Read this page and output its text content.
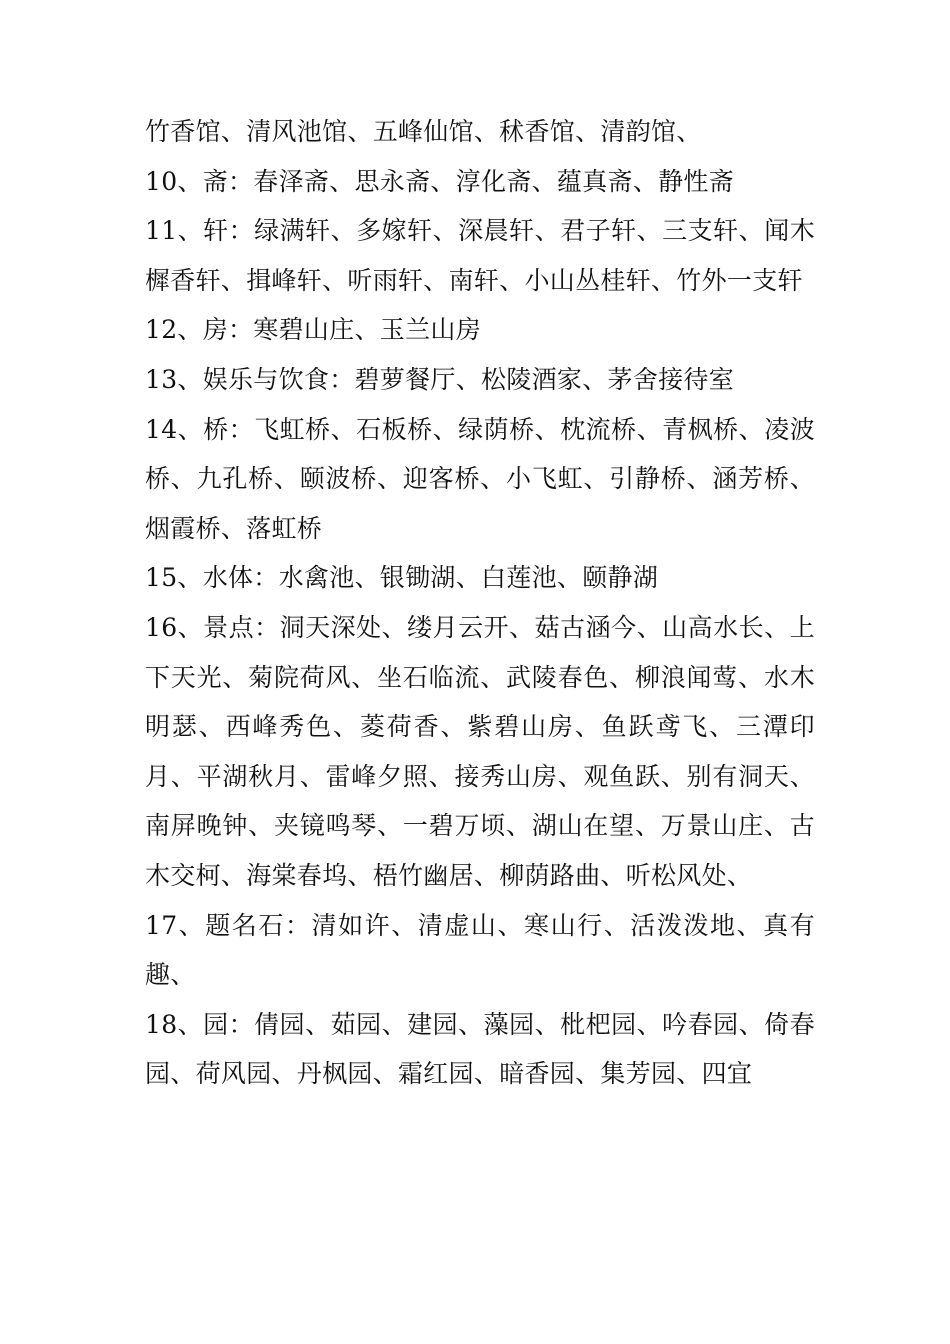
竹香馆、清风池馆、五峰仙馆、秫香馆、清韵馆、

10、斋：春泽斋、思永斋、淳化斋、蕴真斋、静性斋

11、轩：绿满轩、多嫁轩、深晨轩、君子轩、三支轩、闻木樨香轩、揖峰轩、听雨轩、南轩、小山丛桂轩、竹外一支轩

12、房：寒碧山庄、玉兰山房

13、娱乐与饮食：碧萝餐厅、松陵酒家、茅舍接待室

14、桥：飞虹桥、石板桥、绿荫桥、枕流桥、青枫桥、凌波桥、九孔桥、颐波桥、迎客桥、小飞虹、引静桥、涵芳桥、烟霞桥、落虹桥

15、水体：水禽池、银锄湖、白莲池、颐静湖

16、景点：洞天深处、缕月云开、菇古涵今、山高水长、上下天光、菊院荷风、坐石临流、武陵春色、柳浪闻莺、水木明瑟、西峰秀色、菱荷香、紫碧山房、鱼跃鸢飞、三潭印月、平湖秋月、雷峰夕照、接秀山房、观鱼跃、别有洞天、南屏晚钟、夹镜鸣琴、一碧万顷、湖山在望、万景山庄、古木交柯、海棠春坞、梧竹幽居、柳荫路曲、听松风处、

17、题名石：清如许、清虚山、寒山行、活泼泼地、真有趣、

18、园：倩园、茹园、建园、藻园、枇杷园、吟春园、倚春园、荷风园、丹枫园、霜红园、暗香园、集芳园、四宜
